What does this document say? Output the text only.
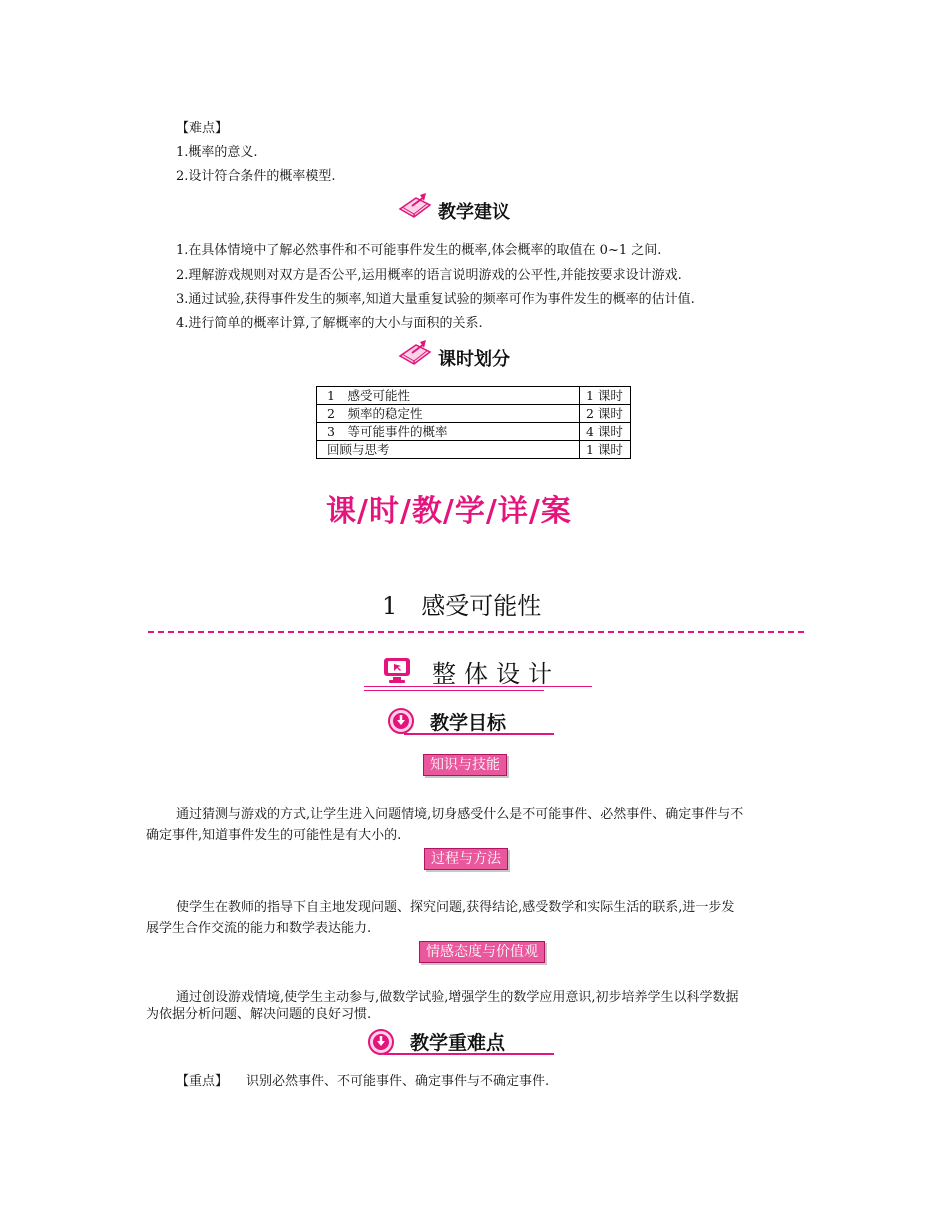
【难点】
1.概率的意义.
2.设计符合条件的概率模型.
教学建议
1.在具体情境中了解必然事件和不可能事件发生的概率,体会概率的取值在 0~1 之间.
2.理解游戏规则对双方是否公平,运用概率的语言说明游戏的公平性,并能按要求设计游戏.
3.通过试验,获得事件发生的频率,知道大量重复试验的频率可作为事件发生的概率的估计值.
4.进行简单的概率计算,了解概率的大小与面积的关系.
课时划分
1　感受可能性	1 课时
2　频率的稳定性	2 课时
3　等可能事件的概率	4 课时
回顾与思考	1 课时
课/时/教/学/详/案
1　感受可能性
整体设计
教学目标
知识与技能
通过猜测与游戏的方式,让学生进入问题情境,切身感受什么是不可能事件、必然事件、确定事件与不
确定事件,知道事件发生的可能性是有大小的.
过程与方法
使学生在教师的指导下自主地发现问题、探究问题,获得结论,感受数学和实际生活的联系,进一步发
展学生合作交流的能力和数学表达能力.
情感态度与价值观
通过创设游戏情境,使学生主动参与,做数学试验,增强学生的数学应用意识,初步培养学生以科学数据
为依据分析问题、解决问题的良好习惯.
教学重难点
【重点】 识别必然事件、不可能事件、确定事件与不确定事件.
